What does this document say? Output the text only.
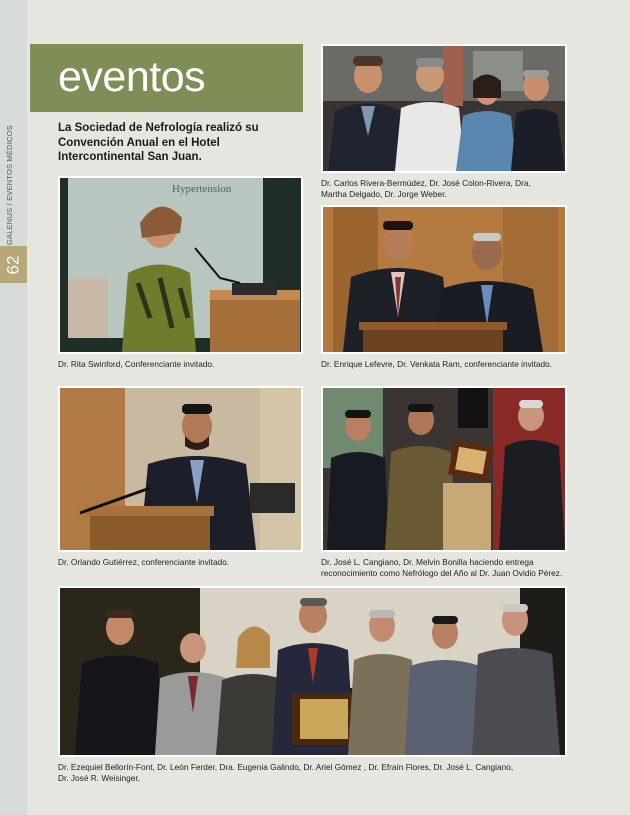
GALENUS / EVENTOS MÉDICOS
62
eventos
La Sociedad de Nefrología realizó su Convención Anual en el Hotel Intercontinental San Juan.
Dr. Carlos Rivera-Bermúdez, Dr. José Colon-Rivera, Dra. Martha Delgado, Dr. Jorge Weber.
Hypertension
Dr. Rita Swinford, Conferenciante invitado.	Dr. Enrique Lefevre, Dr. Venkata Ram, conferenciante invitado.
Dr. Orlando Gutiérrez, conferenciante invitado.	Dr. José L. Cangiano, Dr. Melvin Bonilla haciendo entrega reconocimiento como Nefrólogo del Año al Dr. Juan Ovidio Pérez.
Dr. Ezequiel Bellorín-Font, Dr. León Ferder, Dra. Eugenia Galindo, Dr. Ariel Gómez , Dr. Efraín Flores, Dr. José L. Cangiano, Dr. José R. Weisinger.
